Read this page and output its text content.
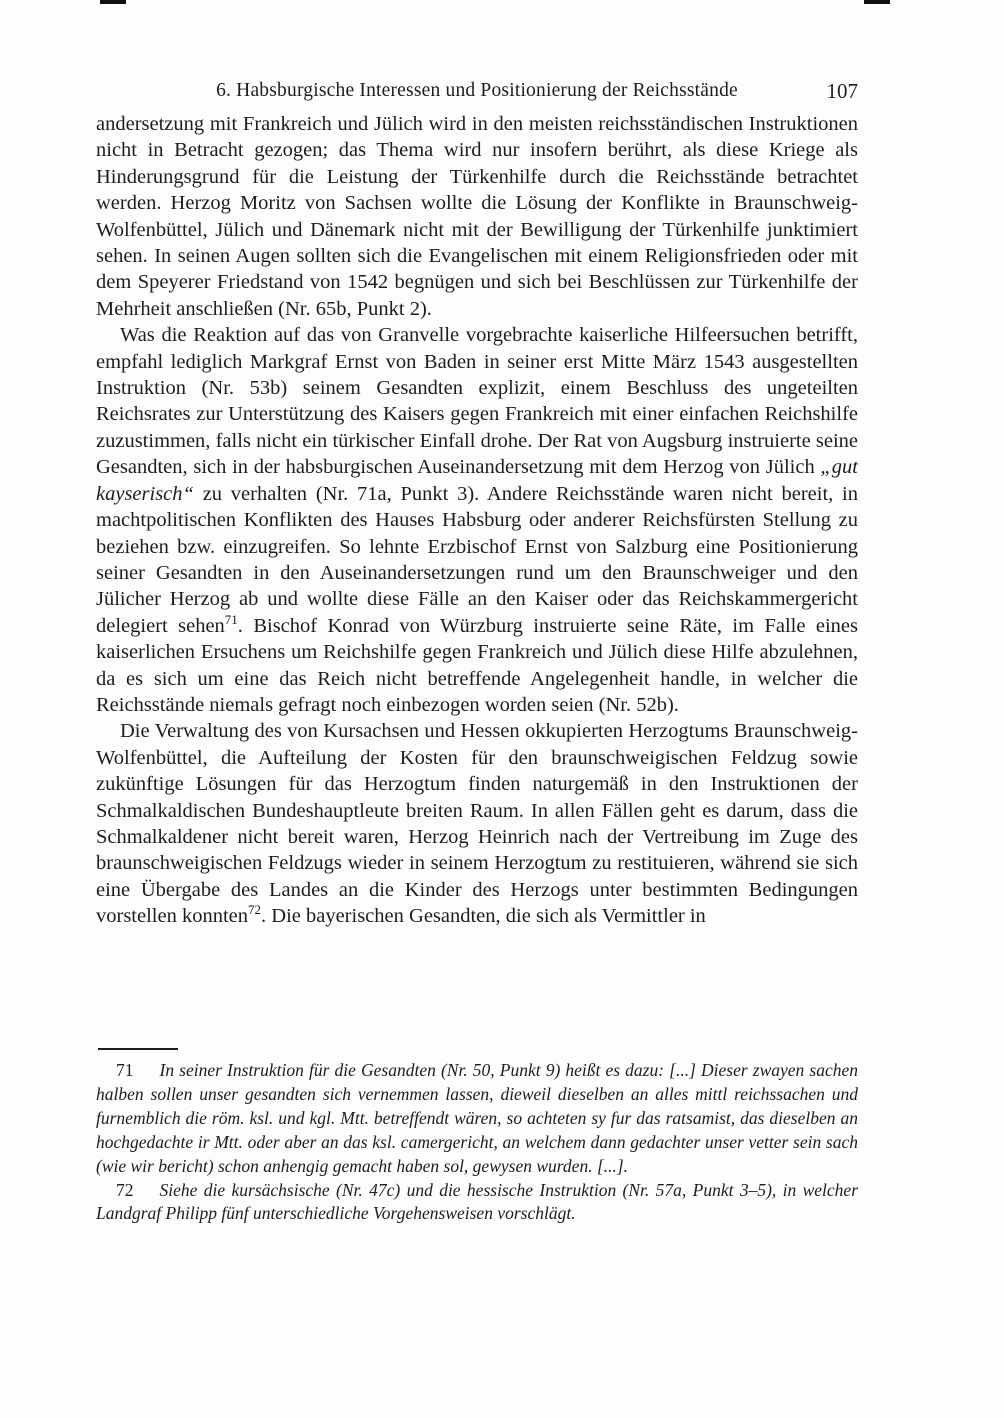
6. Habsburgische Interessen und Positionierung der Reichsstände	107

andersetzung mit Frankreich und Jülich wird in den meisten reichsständischen Instruktionen nicht in Betracht gezogen; das Thema wird nur insofern berührt, als diese Kriege als Hinderungsgrund für die Leistung der Türkenhilfe durch die Reichsstände betrachtet werden. Herzog Moritz von Sachsen wollte die Lösung der Konflikte in Braunschweig-Wolfenbüttel, Jülich und Dänemark nicht mit der Bewilligung der Türkenhilfe junktimiert sehen. In seinen Augen sollten sich die Evangelischen mit einem Religionsfrieden oder mit dem Speyerer Friedstand von 1542 begnügen und sich bei Beschlüssen zur Türkenhilfe der Mehrheit anschließen (Nr. 65b, Punkt 2).

Was die Reaktion auf das von Granvelle vorgebrachte kaiserliche Hilfeersuchen betrifft, empfahl lediglich Markgraf Ernst von Baden in seiner erst Mitte März 1543 ausgestellten Instruktion (Nr. 53b) seinem Gesandten explizit, einem Beschluss des ungeteilten Reichsrates zur Unterstützung des Kaisers gegen Frankreich mit einer einfachen Reichshilfe zuzustimmen, falls nicht ein türkischer Einfall drohe. Der Rat von Augsburg instruierte seine Gesandten, sich in der habsburgischen Auseinandersetzung mit dem Herzog von Jülich „gut kayserisch“ zu verhalten (Nr. 71a, Punkt 3). Andere Reichsstände waren nicht bereit, in machtpolitischen Konflikten des Hauses Habsburg oder anderer Reichsfürsten Stellung zu beziehen bzw. einzugreifen. So lehnte Erzbischof Ernst von Salzburg eine Positionierung seiner Gesandten in den Auseinandersetzungen rund um den Braunschweiger und den Jülicher Herzog ab und wollte diese Fälle an den Kaiser oder das Reichskammergericht delegiert sehen$^{71}$. Bischof Konrad von Würzburg instruierte seine Räte, im Falle eines kaiserlichen Ersuchens um Reichshilfe gegen Frankreich und Jülich diese Hilfe abzulehnen, da es sich um eine das Reich nicht betreffende Angelegenheit handle, in welcher die Reichsstände niemals gefragt noch einbezogen worden seien (Nr. 52b).

Die Verwaltung des von Kursachsen und Hessen okkupierten Herzogtums Braunschweig-Wolfenbüttel, die Aufteilung der Kosten für den braunschweigischen Feldzug sowie zukünftige Lösungen für das Herzogtum finden naturgemäß in den Instruktionen der Schmalkaldischen Bundeshauptleute breiten Raum. In allen Fällen geht es darum, dass die Schmalkaldener nicht bereit waren, Herzog Heinrich nach der Vertreibung im Zuge des braunschweigischen Feldzugs wieder in seinem Herzogtum zu restituieren, während sie sich eine Übergabe des Landes an die Kinder des Herzogs unter bestimmten Bedingungen vorstellen konnten$^{72}$. Die bayerischen Gesandten, die sich als Vermittler in

71 In seiner Instruktion für die Gesandten (Nr. 50, Punkt 9) heißt es dazu: [...] Dieser zwayen sachen halben sollen unser gesandten sich vernemmen lassen, dieweil dieselben an alles mittl reichssachen und furnemblich die röm. ksl. und kgl. Mtt. betreffendt wären, so achteten sy fur das ratsamist, das dieselben an hochgedachte ir Mtt. oder aber an das ksl. camergericht, an welchem dann gedachter unser vetter sein sach (wie wir bericht) schon anhengig gemacht haben sol, gewysen wurden. [...].

72 Siehe die kursächsische (Nr. 47c) und die hessische Instruktion (Nr. 57a, Punkt 3–5), in welcher Landgraf Philipp fünf unterschiedliche Vorgehensweisen vorschlägt.
